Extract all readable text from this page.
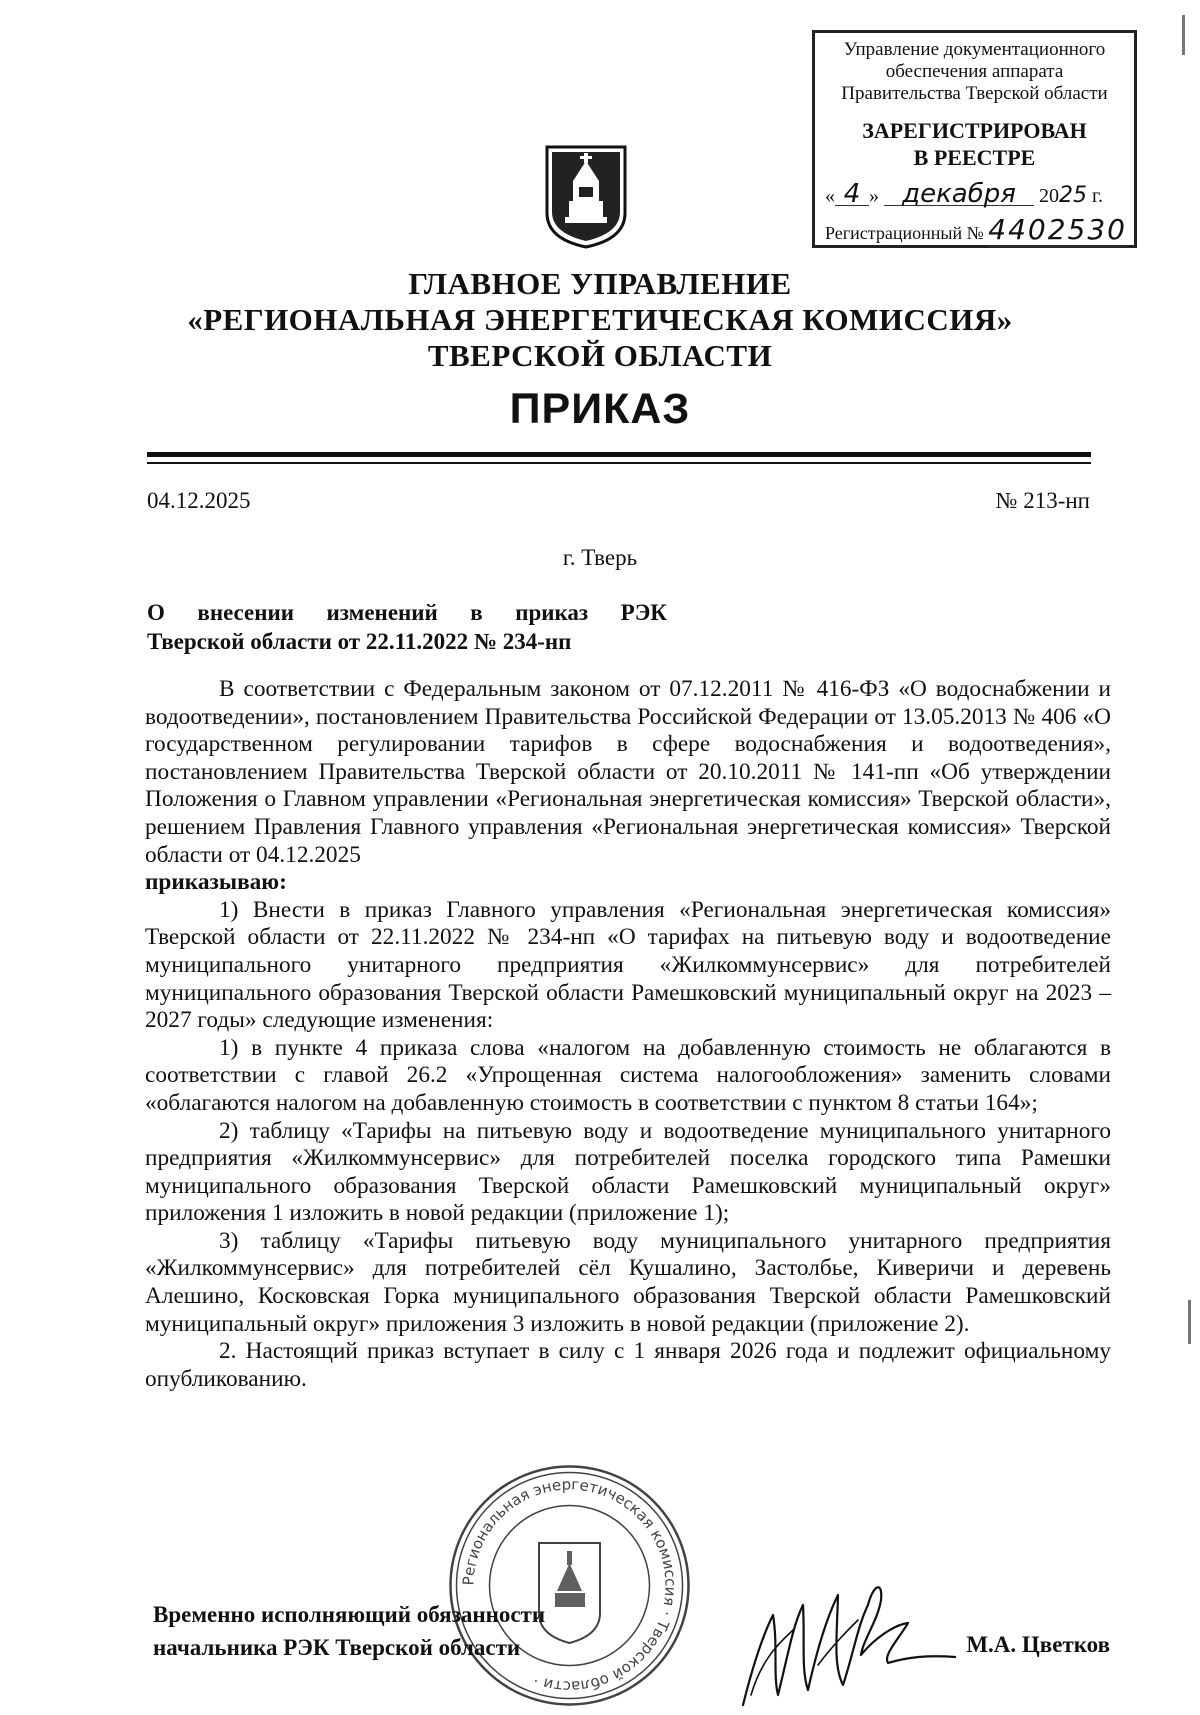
Управление документационного
обеспечения аппарата
Правительства Тверской области
ЗАРЕГИСТРИРОВАН
В РЕЕСТРЕ
« 4 » декабря 2025 г.
Регистрационный № 4402530
ГЛАВНОЕ УПРАВЛЕНИЕ
«РЕГИОНАЛЬНАЯ ЭНЕРГЕТИЧЕСКАЯ КОМИССИЯ»
ТВЕРСКОЙ ОБЛАСТИ
ПРИКАЗ
04.12.2025	№ 213-нп
г. Тверь
О внесении изменений в приказ РЭК
Тверской области от 22.11.2022 № 234-нп

В соответствии с Федеральным законом от 07.12.2011 № 416-ФЗ «О водоснабжении и водоотведении», постановлением Правительства Российской Федерации от 13.05.2013 № 406 «О государственном регулировании тарифов в сфере водоснабжения и водоотведения», постановлением Правительства Тверской области от 20.10.2011 № 141-пп «Об утверждении Положения о Главном управлении «Региональная энергетическая комиссия» Тверской области», решением Правления Главного управления «Региональная энергетическая комиссия» Тверской области от 04.12.2025

приказываю:

1) Внести в приказ Главного управления «Региональная энергетическая комиссия» Тверской области от 22.11.2022 № 234-нп «О тарифах на питьевую воду и водоотведение муниципального унитарного предприятия «Жилкоммунсервис» для потребителей муниципального образования Тверской области Рамешковский муниципальный округ на 2023 – 2027 годы» следующие изменения:

1) в пункте 4 приказа слова «налогом на добавленную стоимость не облагаются в соответствии с главой 26.2 «Упрощенная система налогообложения» заменить словами «облагаются налогом на добавленную стоимость в соответствии с пунктом 8 статьи 164»;

2) таблицу «Тарифы на питьевую воду и водоотведение муниципального унитарного предприятия «Жилкоммунсервис» для потребителей поселка городского типа Рамешки муниципального образования Тверской области Рамешковский муниципальный округ» приложения 1 изложить в новой редакции (приложение 1);

3) таблицу «Тарифы питьевую воду муниципального унитарного предприятия «Жилкоммунсервис» для потребителей сёл Кушалино, Застолбье, Киверичи и деревень Алешино, Косковская Горка муниципального образования Тверской области Рамешковский муниципальный округ» приложения 3 изложить в новой редакции (приложение 2).

2. Настоящий приказ вступает в силу с 1 января 2026 года и подлежит официальному опубликованию.

Региональная энергетическая комиссия · Тверской области ·
Временно исполняющий обязанности
начальника РЭК Тверской области	М.А. Цветков
